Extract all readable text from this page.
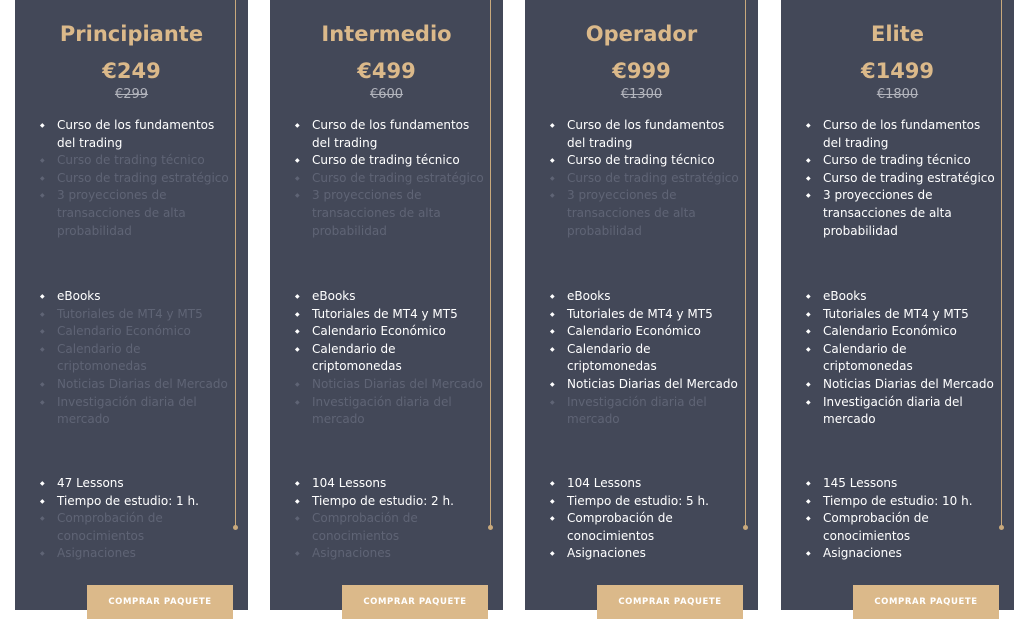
Principiante
€249
€299
◆ Curso de los fundamentos del trading
◆ Curso de trading técnico
◆ Curso de trading estratégico
◆ 3 proyecciones de transacciones de alta probabilidad
◆ eBooks
◆ Tutoriales de MT4 y MT5
◆ Calendario Económico
◆ Calendario de criptomonedas
◆ Noticias Diarias del Mercado
◆ Investigación diaria del mercado
◆ 47 Lessons
◆ Tiempo de estudio: 1 h.
◆ Comprobación de conocimientos
◆ Asignaciones
COMPRAR PAQUETE
Intermedio
€499
€600
◆ Curso de los fundamentos del trading
◆ Curso de trading técnico
◆ Curso de trading estratégico
◆ 3 proyecciones de transacciones de alta probabilidad
◆ eBooks
◆ Tutoriales de MT4 y MT5
◆ Calendario Económico
◆ Calendario de criptomonedas
◆ Noticias Diarias del Mercado
◆ Investigación diaria del mercado
◆ 104 Lessons
◆ Tiempo de estudio: 2 h.
◆ Comprobación de conocimientos
◆ Asignaciones
COMPRAR PAQUETE
Operador
€999
€1300
◆ Curso de los fundamentos del trading
◆ Curso de trading técnico
◆ Curso de trading estratégico
◆ 3 proyecciones de transacciones de alta probabilidad
◆ eBooks
◆ Tutoriales de MT4 y MT5
◆ Calendario Económico
◆ Calendario de criptomonedas
◆ Noticias Diarias del Mercado
◆ Investigación diaria del mercado
◆ 104 Lessons
◆ Tiempo de estudio: 5 h.
◆ Comprobación de conocimientos
◆ Asignaciones
COMPRAR PAQUETE
Elite
€1499
€1800
◆ Curso de los fundamentos del trading
◆ Curso de trading técnico
◆ Curso de trading estratégico
◆ 3 proyecciones de transacciones de alta probabilidad
◆ eBooks
◆ Tutoriales de MT4 y MT5
◆ Calendario Económico
◆ Calendario de criptomonedas
◆ Noticias Diarias del Mercado
◆ Investigación diaria del mercado
◆ 145 Lessons
◆ Tiempo de estudio: 10 h.
◆ Comprobación de conocimientos
◆ Asignaciones
COMPRAR PAQUETE
